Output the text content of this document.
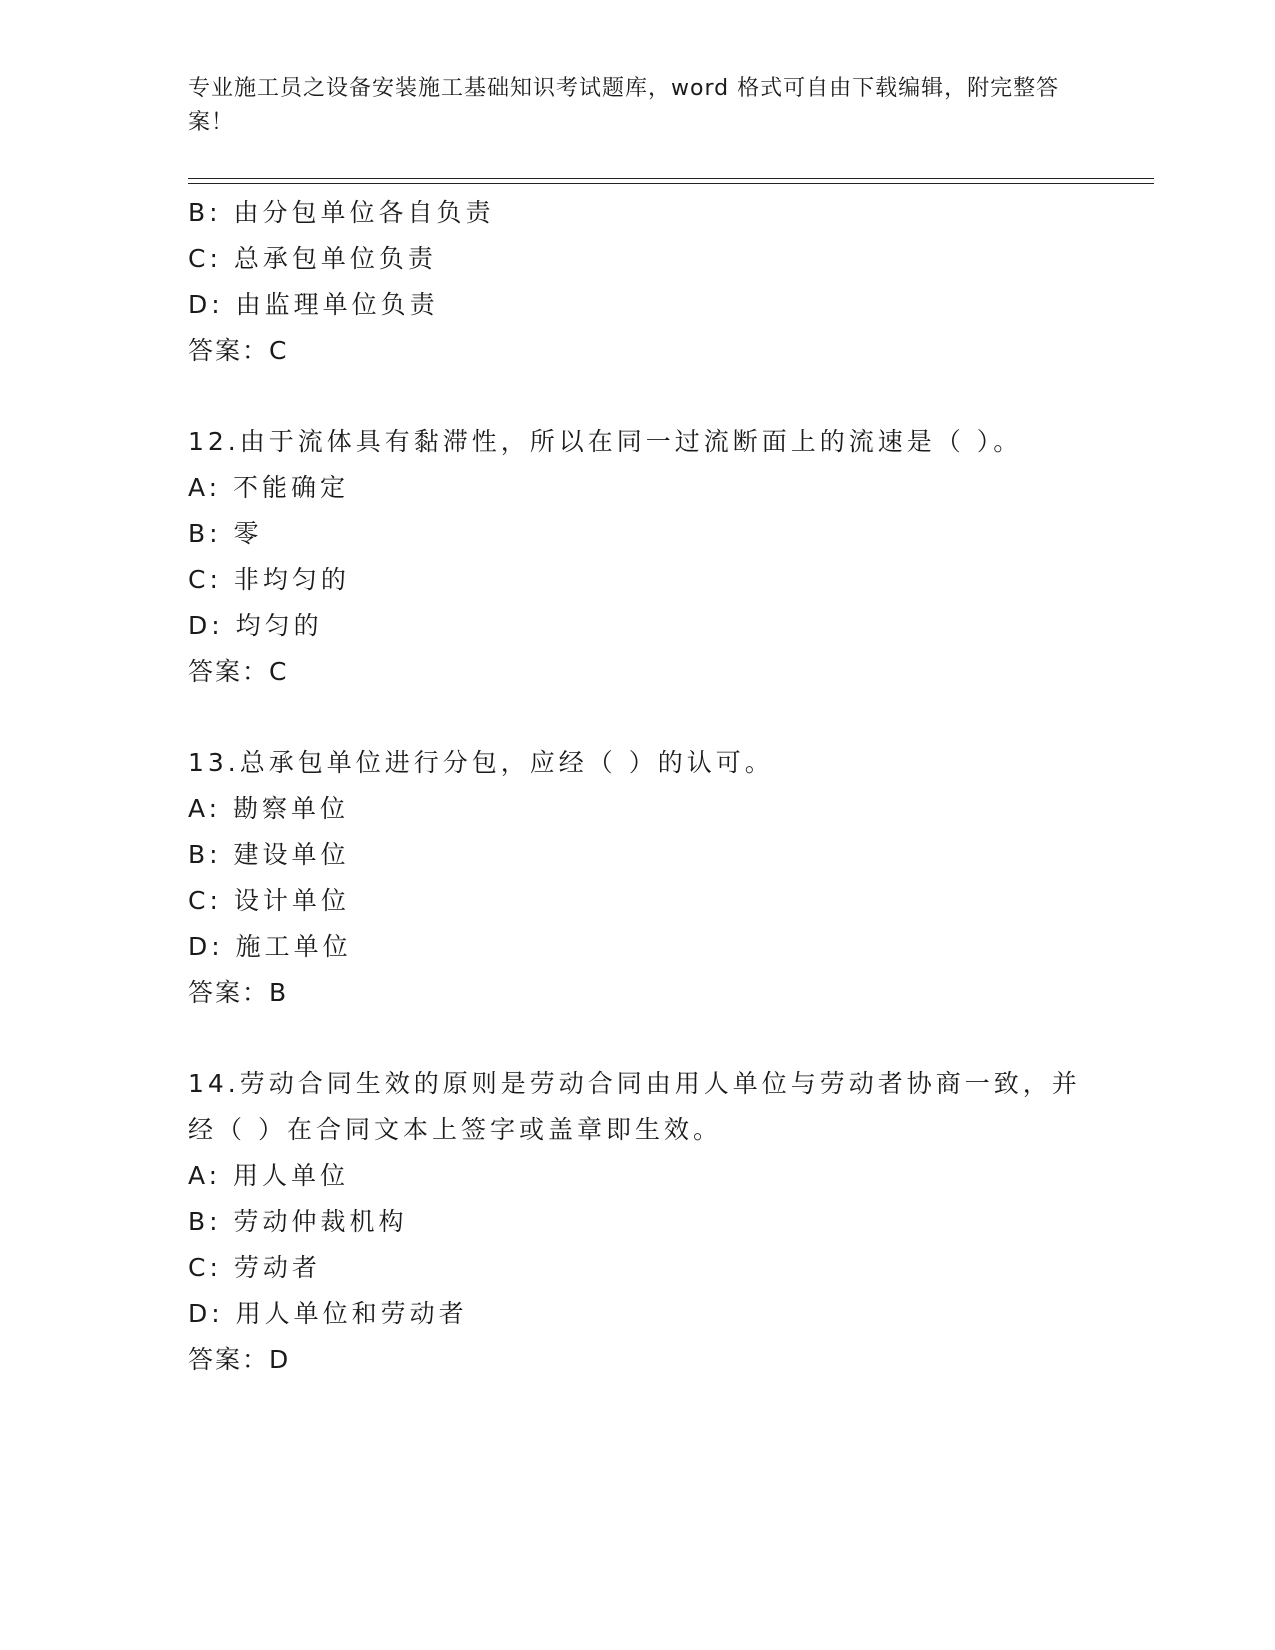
专业施工员之设备安装施工基础知识考试题库，word 格式可自由下载编辑，附完整答案！
B: 由分包单位各自负责
C: 总承包单位负责
D: 由监理单位负责
答案：C
12.由于流体具有黏滞性，所以在同一过流断面上的流速是（ ）。
A: 不能确定
B: 零
C: 非均匀的
D: 均匀的
答案：C
13.总承包单位进行分包，应经（ ）的认可。
A: 勘察单位
B: 建设单位
C: 设计单位
D: 施工单位
答案：B
14.劳动合同生效的原则是劳动合同由用人单位与劳动者协商一致，并
经（ ）在合同文本上签字或盖章即生效。
A: 用人单位
B: 劳动仲裁机构
C: 劳动者
D: 用人单位和劳动者
答案：D
